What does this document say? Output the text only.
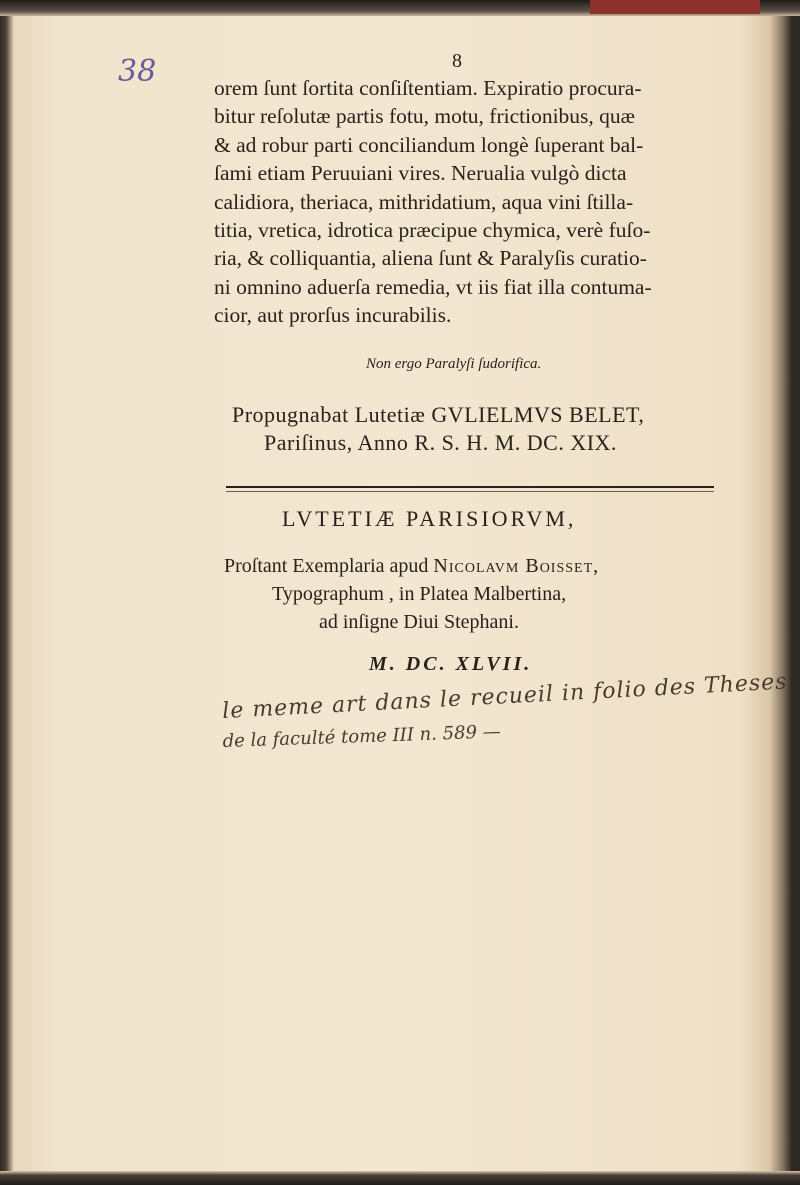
38	8
orem ſunt ſortita conſiſtentiam. Expiratio procura-
bitur reſolutæ partis fotu, motu, frictionibus, quæ
& ad robur parti conciliandum longè ſuperant bal-
ſami etiam Peruuiani vires. Nerualia vulgò dicta
calidiora, theriaca, mithridatium, aqua vini ſtilla-
titia, vretica, idrotica præcipue chymica, verè fuſo-
ria, & colliquantia, aliena ſunt & Paralyſis curatio-
ni omnino aduerſa remedia, vt iis fiat illa contuma-
cior, aut prorſus incurabilis.
Non ergo Paralyſi ſudorifica.
Propugnabat Lutetiæ GVLIELMVS BELET,
Pariſinus, Anno R. S. H. M. DC. XIX.
LVTETIÆ PARISIORVM,
Proſtant Exemplaria apud Nicolavm Boisset,
Typographum , in Platea Malbertina,
ad inſigne Diui Stephani.
M. DC. XLVII.
le meme art dans le recueil in folio des Theses
de la faculté tome III n. 589 —
